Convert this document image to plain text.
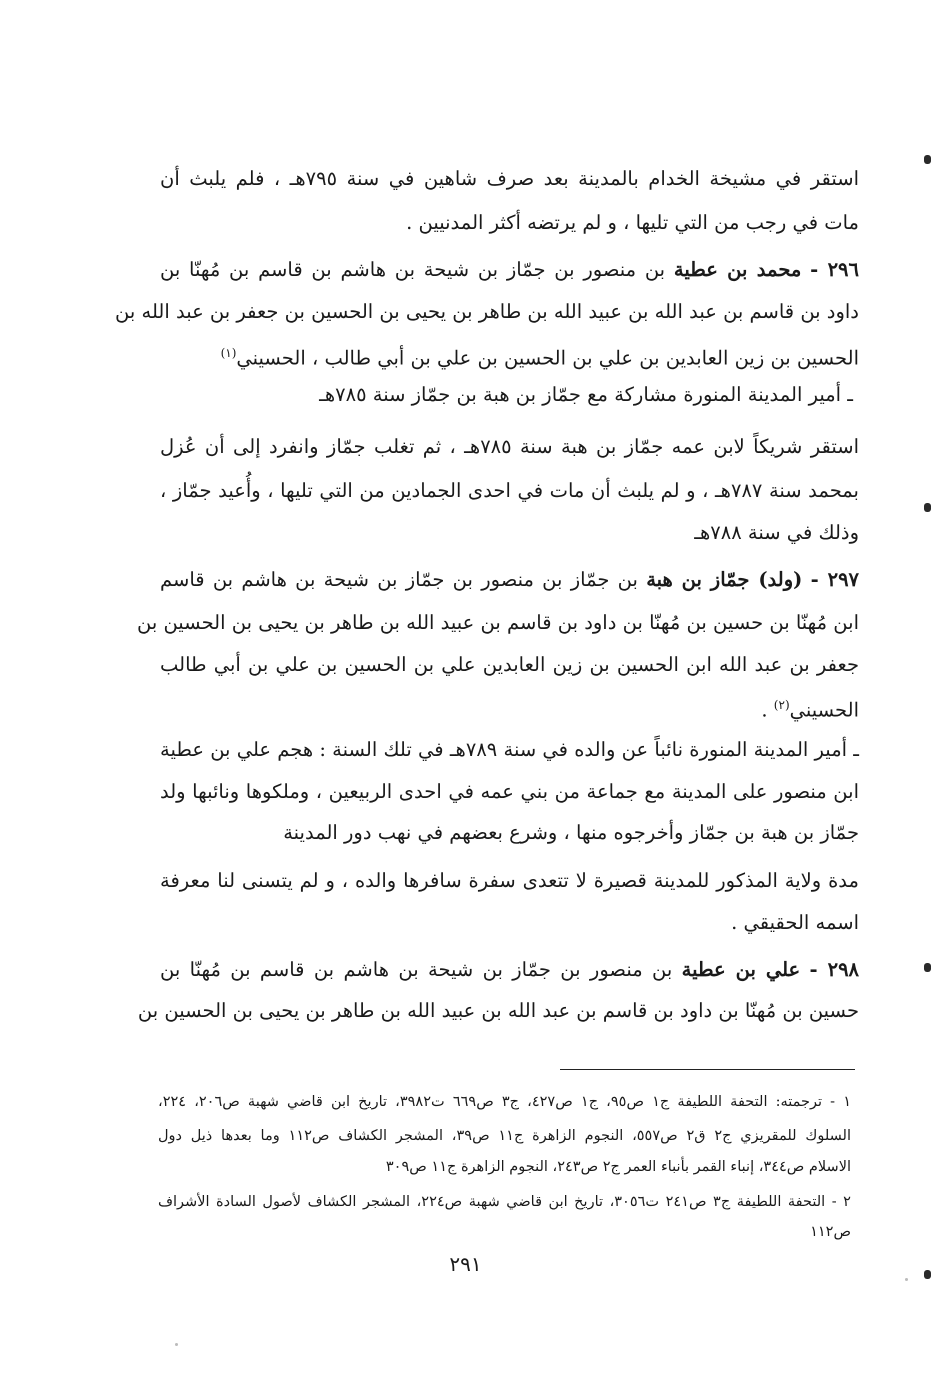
استقر في مشيخة الخدام بالمدينة بعد صرف شاهين في سنة ٧٩٥هـ ، فلم يلبث أن
مات في رجب من التي تليها ، و لم يرتضه أكثر المدنيين .
٢٩٦ - محمد بن عطية بن منصور بن جمّاز بن شيحة بن هاشم بن قاسم بن مُهنّا بن
داود بن قاسم بن عبد الله بن عبيد الله بن طاهر بن يحيى بن الحسين بن جعفر بن عبد الله بن
الحسين بن زين العابدين بن علي بن الحسين بن علي بن أبي طالب ، الحسيني$^{(١)}$
ـ أمير المدينة المنورة مشاركة مع جمّاز بن هبة بن جمّاز سنة ٧٨٥هـ
استقر شريكاً لابن عمه جمّاز بن هبة سنة ٧٨٥هـ ، ثم تغلب جمّاز وانفرد إلى أن عُزل
بمحمد سنة ٧٨٧هـ ، و لم يلبث أن مات في احدى الجمادين من التي تليها ، وأُعيد جمّاز ،
وذلك في سنة ٧٨٨هـ
٢٩٧ - (ولد) جمّاز بن هبة بن جمّاز بن منصور بن جمّاز بن شيحة بن هاشم بن قاسم
ابن مُهنّا بن حسين بن مُهنّا بن داود بن قاسم بن عبيد الله بن طاهر بن يحيى بن الحسين بن
جعفر بن عبد الله ابن الحسين بن زين العابدين علي بن الحسين بن علي بن أبي طالب
الحسيني$^{(٢)}$ .
ـ أمير المدينة المنورة نائباً عن والده في سنة ٧٨٩هـ في تلك السنة : هجم علي بن عطية
ابن منصور على المدينة مع جماعة من بني عمه في احدى الربيعين ، وملكوها ونائبها ولد
جمّاز بن هبة بن جمّاز وأخرجوه منها ، وشرع بعضهم في نهب دور المدينة
مدة ولاية المذكور للمدينة قصيرة لا تتعدى سفرة سافرها والده ، و لم يتسنى لنا معرفة
اسمه الحقيقي .
٢٩٨ - علي بن عطية بن منصور بن جمّاز بن شيحة بن هاشم بن قاسم بن مُهنّا بن
حسين بن مُهنّا بن داود بن قاسم بن عبد الله بن عبيد الله بن طاهر بن يحيى بن الحسين بن
١ - ترجمته: التحفة اللطيفة ج١ ص٩٥، ج١ ص٤٢٧، ج٣ ص٦٦٩ ت٣٩٨٢، تاريخ ابن قاضي شهبة ص٢٠٦، ٢٢٤،
السلوك للمقريزي ج٢ ق٢ ص٥٥٧، النجوم الزاهرة ج١١ ص٣٩، المشجر الكشاف ص١١٢ وما بعدها ذيل دول
الاسلام ص٣٤٤، إنباء القمر بأنباء العمر ج٢ ص٢٤٣، النجوم الزاهرة ج١١ ص٣٠٩
٢ - التحفة اللطيفة ج٣ ص٢٤١ ت٣٠٥٦، تاريخ ابن قاضي شهبة ص٢٢٤، المشجر الكشاف لأصول السادة الأشراف
ص١١٢
٢٩١
